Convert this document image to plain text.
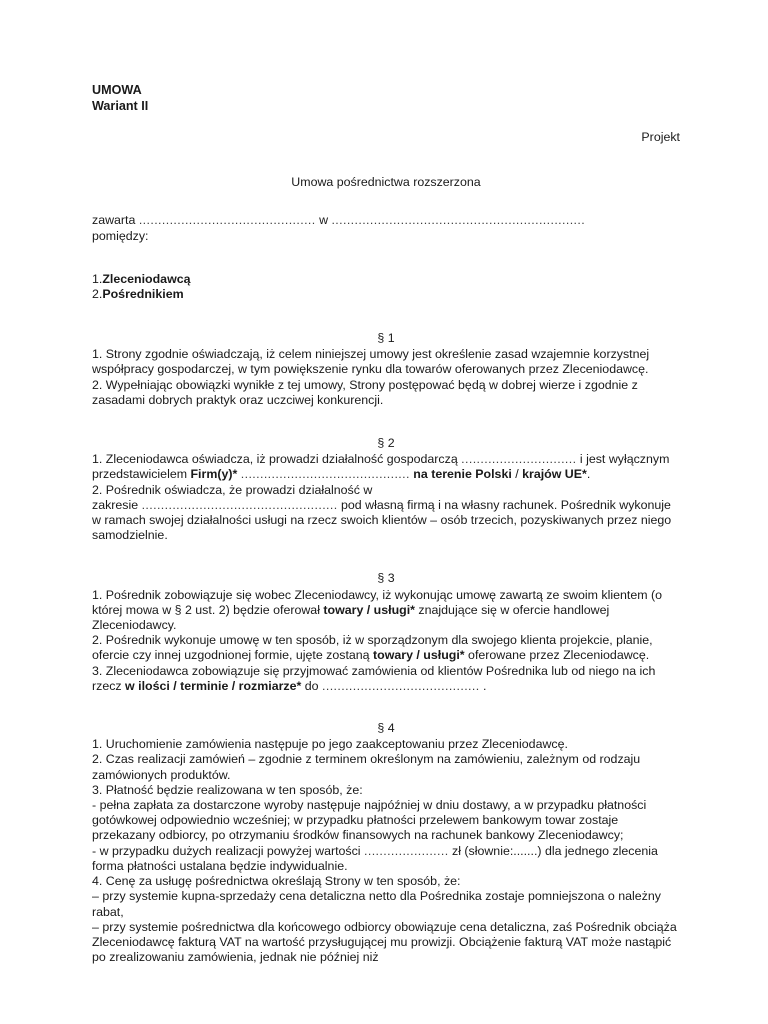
UMOWA
Wariant II
Projekt
Umowa pośrednictwa rozszerzona
zawarta .............................................. w ..................................................................
pomiędzy:
1.Zleceniodawcą
2.Pośrednikiem
§ 1

1. Strony zgodnie oświadczają, iż celem niniejszej umowy jest określenie zasad wzajemnie korzystnej współpracy gospodarczej, w tym powiększenie rynku dla towarów oferowanych przez Zleceniodawcę.

2. Wypełniając obowiązki wynikłe z tej umowy, Strony postępować będą w dobrej wierze i zgodnie z zasadami dobrych praktyk oraz uczciwej konkurencji.

§ 2

1. Zleceniodawca oświadcza, iż prowadzi działalność gospodarczą .............................. i jest wyłącznym przedstawicielem Firm(y)* ............................................ na terenie Polski / krajów UE*.

2. Pośrednik oświadcza, że prowadzi działalność w

zakresie ................................................... pod własną firmą i na własny rachunek. Pośrednik wykonuje w ramach swojej działalności usługi na rzecz swoich klientów – osób trzecich, pozyskiwanych przez niego samodzielnie.

§ 3

1. Pośrednik zobowiązuje się wobec Zleceniodawcy, iż wykonując umowę zawartą ze swoim klientem (o której mowa w § 2 ust. 2) będzie oferował towary / usługi* znajdujące się w ofercie handlowej Zleceniodawcy.

2. Pośrednik wykonuje umowę w ten sposób, iż w sporządzonym dla swojego klienta projekcie, planie, ofercie czy innej uzgodnionej formie, ujęte zostaną towary / usługi* oferowane przez Zleceniodawcę.

3. Zleceniodawca zobowiązuje się przyjmować zamówienia od klientów Pośrednika lub od niego na ich rzecz w ilości / terminie / rozmiarze* do ......................................... .

§ 4

1. Uruchomienie zamówienia następuje po jego zaakceptowaniu przez Zleceniodawcę.

2. Czas realizacji zamówień – zgodnie z terminem określonym na zamówieniu, zależnym od rodzaju zamówionych produktów.

3. Płatność będzie realizowana w ten sposób, że:

- pełna zapłata za dostarczone wyroby następuje najpóźniej w dniu dostawy, a w przypadku płatności gotówkowej odpowiednio wcześniej; w przypadku płatności przelewem bankowym towar zostaje przekazany odbiorcy, po otrzymaniu środków finansowych na rachunek bankowy Zleceniodawcy;

- w przypadku dużych realizacji powyżej wartości ...................... zł (słownie:.......) dla jednego zlecenia forma płatności ustalana będzie indywidualnie.

4. Cenę za usługę pośrednictwa określają Strony w ten sposób, że:

– przy systemie kupna-sprzedaży cena detaliczna netto dla Pośrednika zostaje pomniejszona o należny rabat,

– przy systemie pośrednictwa dla końcowego odbiorcy obowiązuje cena detaliczna, zaś Pośrednik obciąża Zleceniodawcę fakturą VAT na wartość przysługującej mu prowizji. Obciążenie fakturą VAT może nastąpić po zrealizowaniu zamówienia, jednak nie później niż
